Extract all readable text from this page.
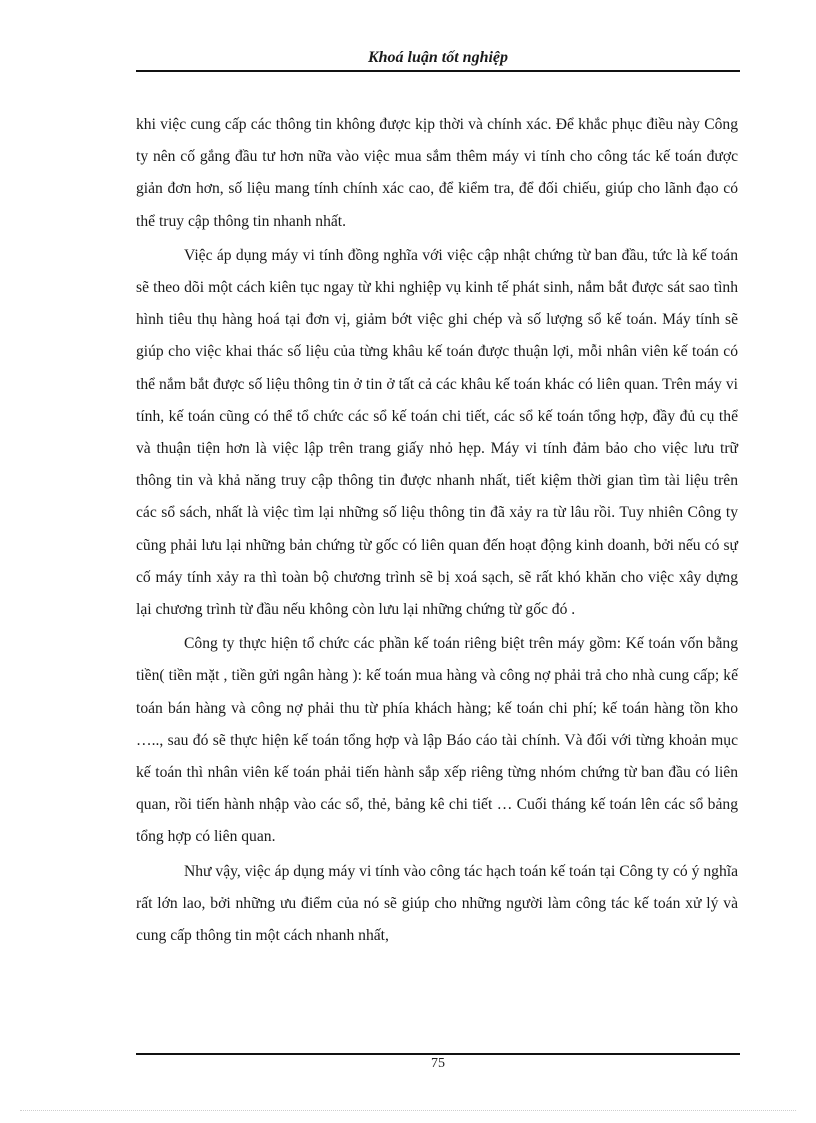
Khoá luận tốt nghiệp

khi việc cung cấp các thông tin không được kịp thời và chính xác. Để khắc phục điều này Công ty nên cố gắng đầu tư hơn nữa vào việc mua sắm thêm máy vi tính cho công tác kế toán được giản đơn hơn, số liệu mang tính chính xác cao, để kiểm tra, để đối chiếu, giúp cho lãnh đạo có thể truy cập thông tin nhanh nhất.

Việc áp dụng máy vi tính đồng nghĩa với việc cập nhật chứng từ ban đầu, tức là kế toán sẽ theo dõi một cách kiên tục ngay từ khi nghiệp vụ kinh tế phát sinh, nắm bắt được sát sao tình hình tiêu thụ hàng hoá tại đơn vị, giảm bớt việc ghi chép và số lượng sổ kế toán. Máy tính sẽ giúp cho việc khai thác số liệu của từng khâu kế toán được thuận lợi, mỗi nhân viên kế toán có thể nắm bắt được số liệu thông tin ở tin ở tất cả các khâu kế toán khác có liên quan. Trên máy vi tính, kế toán cũng có thể tổ chức các sổ kế toán chi tiết, các sổ kế toán tổng hợp, đầy đủ cụ thể và thuận tiện hơn là việc lập trên trang giấy nhỏ hẹp. Máy vi tính đảm bảo cho việc lưu trữ thông tin và khả năng truy cập thông tin được nhanh nhất, tiết kiệm thời gian tìm tài liệu trên các sổ sách, nhất là việc tìm lại những số liệu thông tin đã xảy ra từ lâu rồi. Tuy nhiên Công ty cũng phải lưu lại những bản chứng từ gốc có liên quan đến hoạt động kinh doanh, bởi nếu có sự cố máy tính xảy ra thì toàn bộ chương trình sẽ bị xoá sạch, sẽ rất khó khăn cho việc xây dựng lại chương trình từ đầu nếu không còn lưu lại những chứng từ gốc đó .

Công ty thực hiện tổ chức các phần kế toán riêng biệt trên máy gồm: Kế toán vốn bằng tiền( tiền mặt , tiền gửi ngân hàng ): kế toán mua hàng và công nợ phải trả cho nhà cung cấp; kế toán bán hàng và công nợ phải thu từ phía khách hàng; kế toán chi phí; kế toán hàng tồn kho ….., sau đó sẽ thực hiện kế toán tổng hợp và lập Báo cáo tài chính. Và đối với từng khoản mục kế toán thì nhân viên kế toán phải tiến hành sắp xếp riêng từng nhóm chứng từ ban đầu có liên quan, rồi tiến hành nhập vào các sổ, thẻ, bảng kê chi tiết … Cuối tháng kế toán lên các sổ bảng tổng hợp có liên quan.

Như vậy, việc áp dụng máy vi tính vào công tác hạch toán kế toán tại Công ty có ý nghĩa rất lớn lao, bởi những ưu điểm của nó sẽ giúp cho những người làm công tác kế toán xử lý và cung cấp thông tin một cách nhanh nhất,

75
